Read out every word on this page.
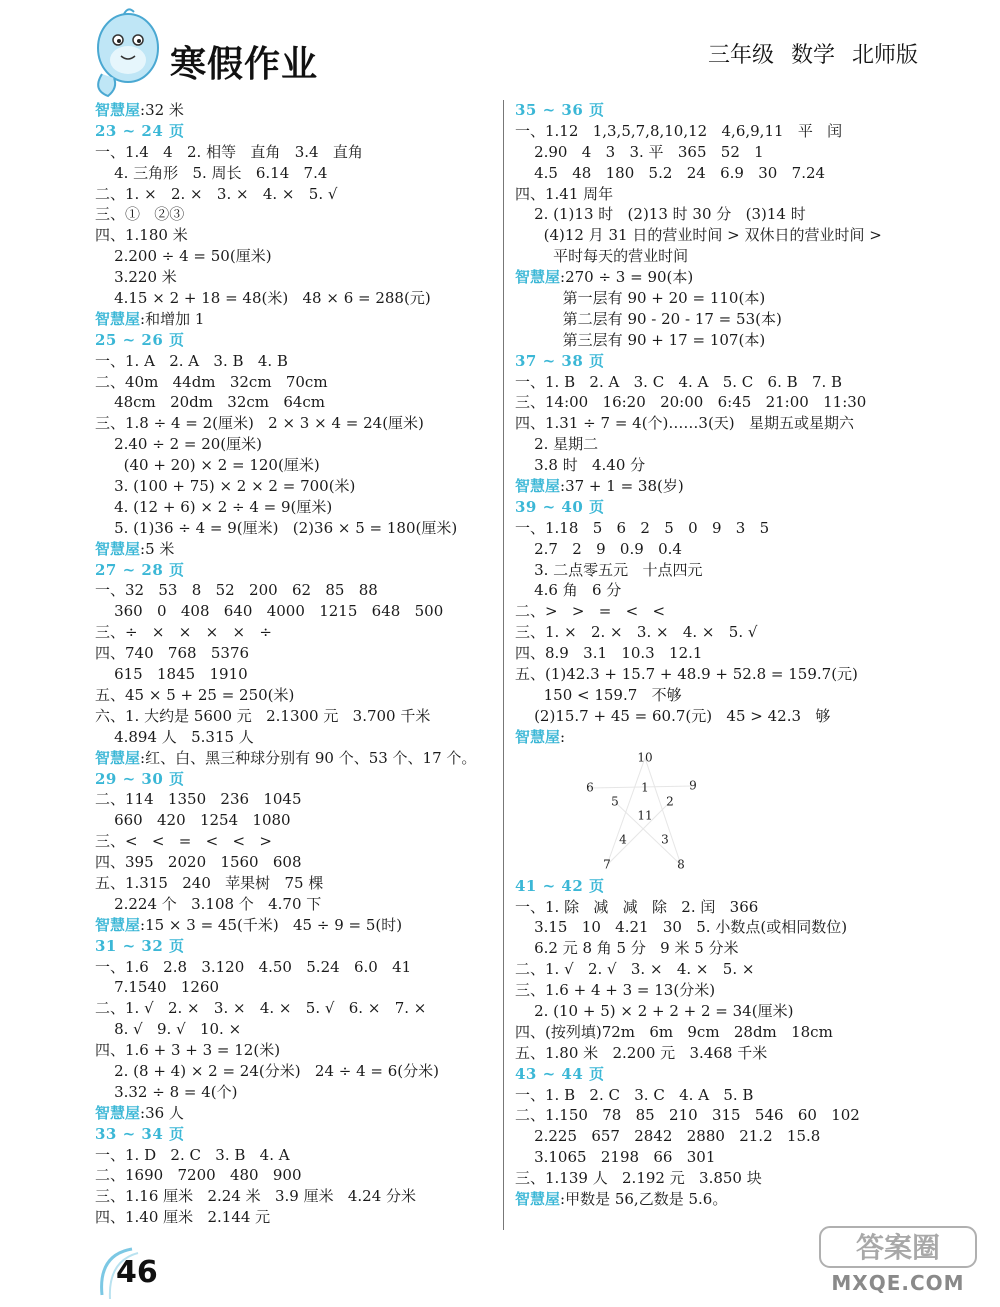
寒假作业	三年级 数学 北师版
智慧屋:32 米
23 ~ 24 页
一、1.4   4   2. 相等   直角   3.4   直角
4. 三角形   5. 周长   6.14   7.4
二、1. ×   2. ×   3. ×   4. ×   5. √
三、①   ②③
四、1.180 米
2.200 ÷ 4 = 50(厘米)
3.220 米
4.15 × 2 + 18 = 48(米)   48 × 6 = 288(元)
智慧屋:和增加 1
25 ~ 26 页
一、1. A   2. A   3. B   4. B
二、40m   44dm   32cm   70cm
48cm   20dm   32cm   64cm
三、1.8 ÷ 4 = 2(厘米)   2 × 3 × 4 = 24(厘米)
2.40 ÷ 2 = 20(厘米)
(40 + 20) × 2 = 120(厘米)
3. (100 + 75) × 2 × 2 = 700(米)
4. (12 + 6) × 2 ÷ 4 = 9(厘米)
5. (1)36 ÷ 4 = 9(厘米)   (2)36 × 5 = 180(厘米)
智慧屋:5 米
27 ~ 28 页
一、32   53   8   52   200   62   85   88
360   0   408   640   4000   1215   648   500
三、÷   ×   ×   ×   ×   ÷
四、740   768   5376
615   1845   1910
五、45 × 5 + 25 = 250(米)
六、1. 大约是 5600 元   2.1300 元   3.700 千米
4.894 人   5.315 人
智慧屋:红、白、黑三种球分别有 90 个、53 个、17 个。
29 ~ 30 页
二、114   1350   236   1045
660   420   1254   1080
三、<   <   =   <   <   >
四、395   2020   1560   608
五、1.315   240   苹果树   75 棵
2.224 个   3.108 个   4.70 下
智慧屋:15 × 3 = 45(千米)   45 ÷ 9 = 5(时)
31 ~ 32 页
一、1.6   2.8   3.120   4.50   5.24   6.0   41
7.1540   1260
二、1. √   2. ×   3. ×   4. ×   5. √   6. ×   7. ×
8. √   9. √   10. ×
四、1.6 + 3 + 3 = 12(米)
2. (8 + 4) × 2 = 24(分米)   24 ÷ 4 = 6(分米)
3.32 ÷ 8 = 4(个)
智慧屋:36 人
33 ~ 34 页
一、1. D   2. C   3. B   4. A
二、1690   7200   480   900
三、1.16 厘米   2.24 米   3.9 厘米   4.24 分米
四、1.40 厘米   2.144 元
35 ~ 36 页
一、1.12   1,3,5,7,8,10,12   4,6,9,11   平   闰
2.90   4   3   3. 平   365   52   1
4.5   48   180   5.2   24   6.9   30   7.24
四、1.41 周年
2. (1)13 时   (2)13 时 30 分   (3)14 时
(4)12 月 31 日的营业时间 > 双休日的营业时间 >
平时每天的营业时间
智慧屋:270 ÷ 3 = 90(本)
第一层有 90 + 20 = 110(本)
第二层有 90 - 20 - 17 = 53(本)
第三层有 90 + 17 = 107(本)
37 ~ 38 页
一、1. B   2. A   3. C   4. A   5. C   6. B   7. B
三、14:00   16:20   20:00   6:45   21:00   11:30
四、1.31 ÷ 7 = 4(个)……3(天)   星期五或星期六
2. 星期二
3.8 时   4.40 分
智慧屋:37 + 1 = 38(岁)
39 ~ 40 页
一、1.18   5   6   2   5   0   9   3   5
2.7   2   9   0.9   0.4
3. 二点零五元   十点四元
4.6 角   6 分
二、>   >   =   <   <
三、1. ×   2. ×   3. ×   4. ×   5. √
四、8.9   3.1   10.3   12.1
五、(1)42.3 + 15.7 + 48.9 + 52.8 = 159.7(元)
150 < 159.7   不够
(2)15.7 + 45 = 60.7(元)   45 > 42.3   够
智慧屋:
10
6	1	9
5	2
11
4	3
7	8
41 ~ 42 页
一、1. 除   减   减   除   2. 闰   366
3.15   10   4.21   30   5. 小数点(或相同数位)
6.2 元 8 角 5 分   9 米 5 分米
二、1. √   2. √   3. ×   4. ×   5. ×
三、1.6 + 4 + 3 = 13(分米)
2. (10 + 5) × 2 + 2 + 2 = 34(厘米)
四、(按列填)72m   6m   9cm   28dm   18cm
五、1.80 米   2.200 元   3.468 千米
43 ~ 44 页
一、1. B   2. C   3. C   4. A   5. B
二、1.150   78   85   210   315   546   60   102
2.225   657   2842   2880   21.2   15.8
3.1065   2198   66   301
三、1.139 人   2.192 元   3.850 块
智慧屋:甲数是 56,乙数是 5.6。
46
答案圈
MXQE.COM
